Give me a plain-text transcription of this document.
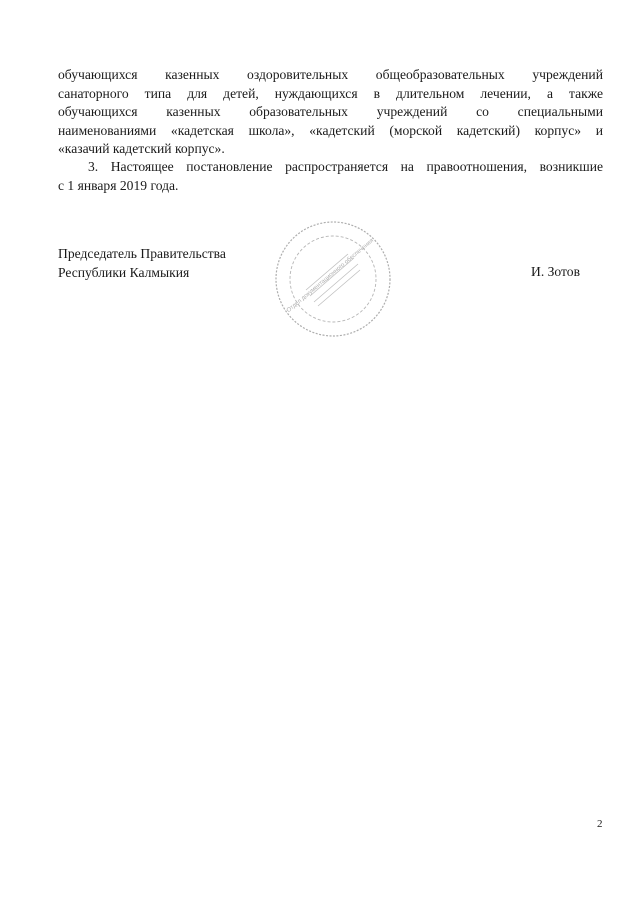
обучающихся казенных оздоровительных общеобразовательных учреждений
санаторного типа для детей, нуждающихся в длительном лечении, а также
обучающихся казенных образовательных учреждений со специальными
наименованиями «кадетская школа», «кадетский (морской кадетский) корпус» и
«казачий кадетский корпус».
3. Настоящее постановление распространяется на правоотношения, возникшие
с 1 января 2019 года.
Председатель Правительства
Республики Калмыкия	Отдел документационного обеспечения	И. Зотов
2
